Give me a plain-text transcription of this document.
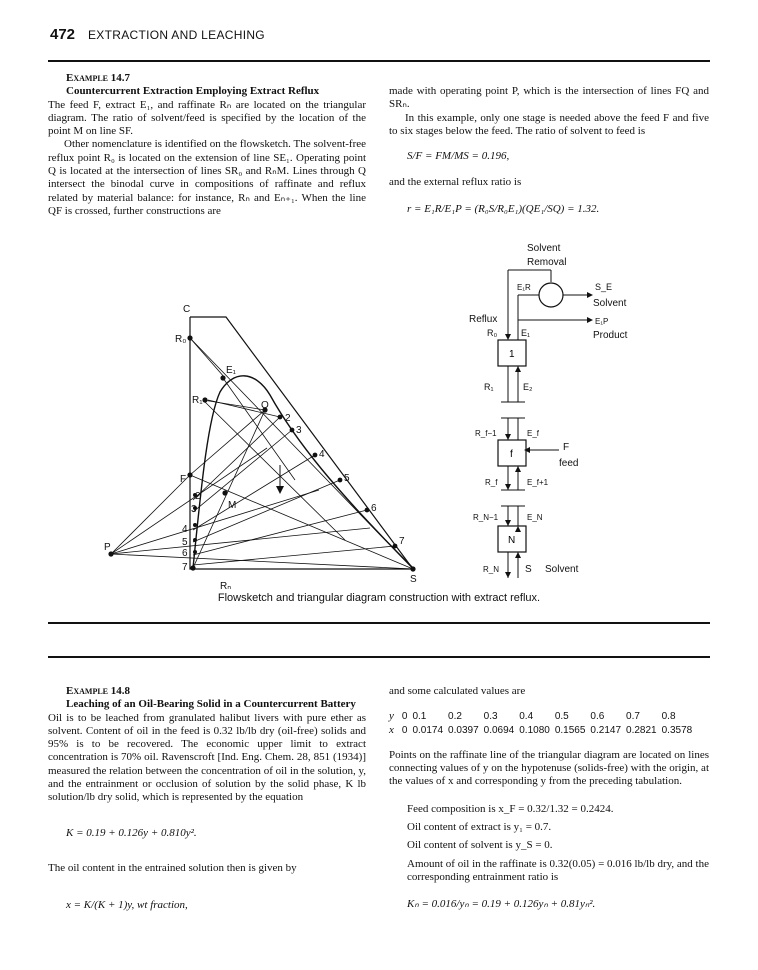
472 EXTRACTION AND LEACHING
Example 14.7
Countercurrent Extraction Employing Extract Reflux

The feed F, extract E₁, and raffinate Rₙ are located on the triangular diagram. The ratio of solvent/feed is specified by the location of the point M on line SF.

Other nomenclature is identified on the flowsketch. The solvent-free reflux point R₀ is located on the extension of line SE₁. Operating point Q is located at the intersection of lines SR₀ and RₙM. Lines through Q intersect the binodal curve in compositions of raffinate and reflux related by material balance: for instance, Rₙ and Eₙ₊₁. When the line QF is crossed, further constructions are

made with operating point P, which is the intersection of lines FQ and SRₙ.

In this example, only one stage is needed above the feed F and five to six stages below the feed. The ratio of solvent to feed is

S/F = FM/MS = 0.196,

and the external reflux ratio is

r = E₁R/E₁P = (R₀S/R₀E₁)(QE₁/SQ) = 1.32.

C
R₀
E₁
R₁	Q
F
M
P
S
Rₙ
2
3
4
5
6
7
2
3
4
5
6
7
Solvent
Removal
E₁R	S_E
Solvent
Reflux	E₁P
Product
R₀	E₁
R₁	E₂
R_f−1	E_f
F
feed
R_f	E_f+1
R_N−1	E_N
R_N	S Solvent
1
f
N
Flowsketch and triangular diagram construction with extract reflux.
Example 14.8
Leaching of an Oil-Bearing Solid in a Countercurrent Battery

Oil is to be leached from granulated halibut livers with pure ether as solvent. Content of oil in the feed is 0.32 lb/lb dry (oil-free) solids and 95% is to be recovered. The economic upper limit to extract concentration is 70% oil. Ravenscroft [Ind. Eng. Chem. 28, 851 (1934)] measured the relation between the concentration of oil in the solution, y, and the entrainment or occlusion of solution by the solid phase, K lb solution/lb dry solid, which is represented by the equation

K = 0.19 + 0.126y + 0.810y².

The oil content in the entrained solution then is given by

x = K/(K + 1)y, wt fraction,

and some calculated values are

y	0	0.1	0.2	0.3	0.4	0.5	0.6	0.7	0.8
x	0	0.0174	0.0397	0.0694	0.1080	0.1565	0.2147	0.2821	0.3578

Points on the raffinate line of the triangular diagram are located on lines connecting values of y on the hypotenuse (solids-free) with the origin, at the values of x and corresponding y from the preceding tabulation.

Feed composition is x_F = 0.32/1.32 = 0.2424.

Oil content of extract is y₁ = 0.7.

Oil content of solvent is y_S = 0.

Amount of oil in the raffinate is 0.32(0.05) = 0.016 lb/lb dry, and the corresponding entrainment ratio is

Kₙ = 0.016/yₙ = 0.19 + 0.126yₙ + 0.81yₙ².
